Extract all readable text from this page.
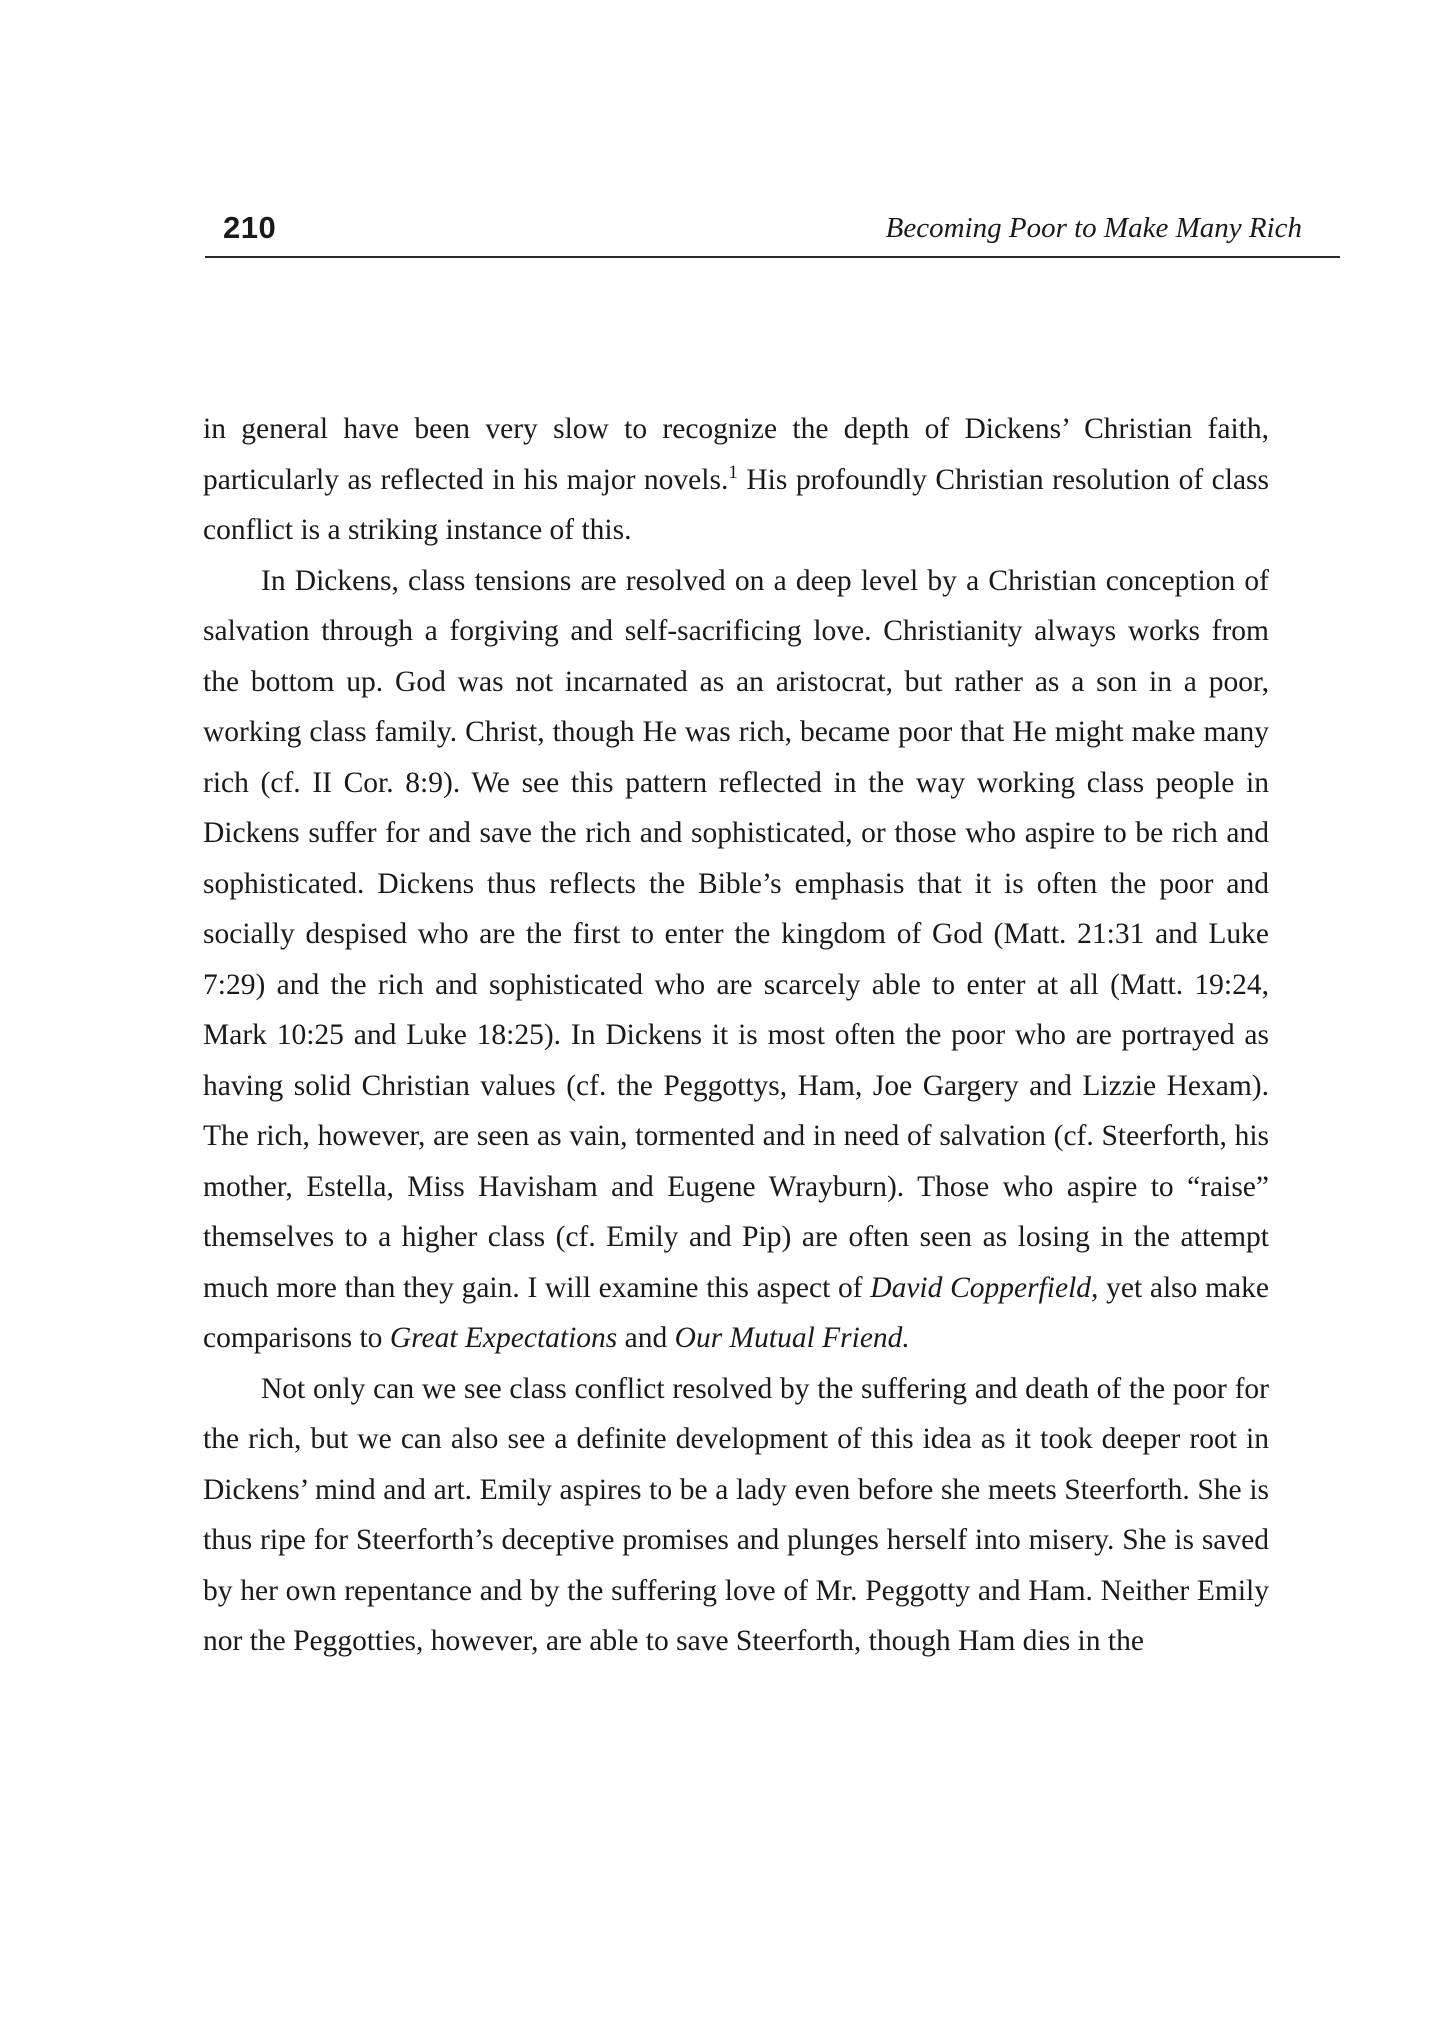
210	Becoming Poor to Make Many Rich

in general have been very slow to recognize the depth of Dickens’ Christian faith, particularly as reflected in his major novels.$^1$ His profoundly Christian resolution of class conflict is a striking instance of this.

In Dickens, class tensions are resolved on a deep level by a Christian conception of salvation through a forgiving and self-sacrificing love. Christianity always works from the bottom up. God was not incarnated as an aristocrat, but rather as a son in a poor, working class family. Christ, though He was rich, became poor that He might make many rich (cf. II Cor. 8:9). We see this pattern reflected in the way working class people in Dickens suffer for and save the rich and sophisticated, or those who aspire to be rich and sophisticated. Dickens thus reflects the Bible’s emphasis that it is often the poor and socially despised who are the first to enter the kingdom of God (Matt. 21:31 and Luke 7:29) and the rich and sophisticated who are scarcely able to enter at all (Matt. 19:24, Mark 10:25 and Luke 18:25). In Dickens it is most often the poor who are portrayed as having solid Christian values (cf. the Peggottys, Ham, Joe Gargery and Lizzie Hexam). The rich, however, are seen as vain, tormented and in need of salvation (cf. Steerforth, his mother, Estella, Miss Havisham and Eugene Wrayburn). Those who aspire to “raise” themselves to a higher class (cf. Emily and Pip) are often seen as losing in the attempt much more than they gain. I will examine this aspect of David Copperfield, yet also make comparisons to Great Expectations and Our Mutual Friend.

Not only can we see class conflict resolved by the suffering and death of the poor for the rich, but we can also see a definite development of this idea as it took deeper root in Dickens’ mind and art. Emily aspires to be a lady even before she meets Steerforth. She is thus ripe for Steerforth’s deceptive promises and plunges herself into misery. She is saved by her own repentance and by the suffering love of Mr. Peggotty and Ham. Neither Emily nor the Peggotties, however, are able to save Steerforth, though Ham dies in the
